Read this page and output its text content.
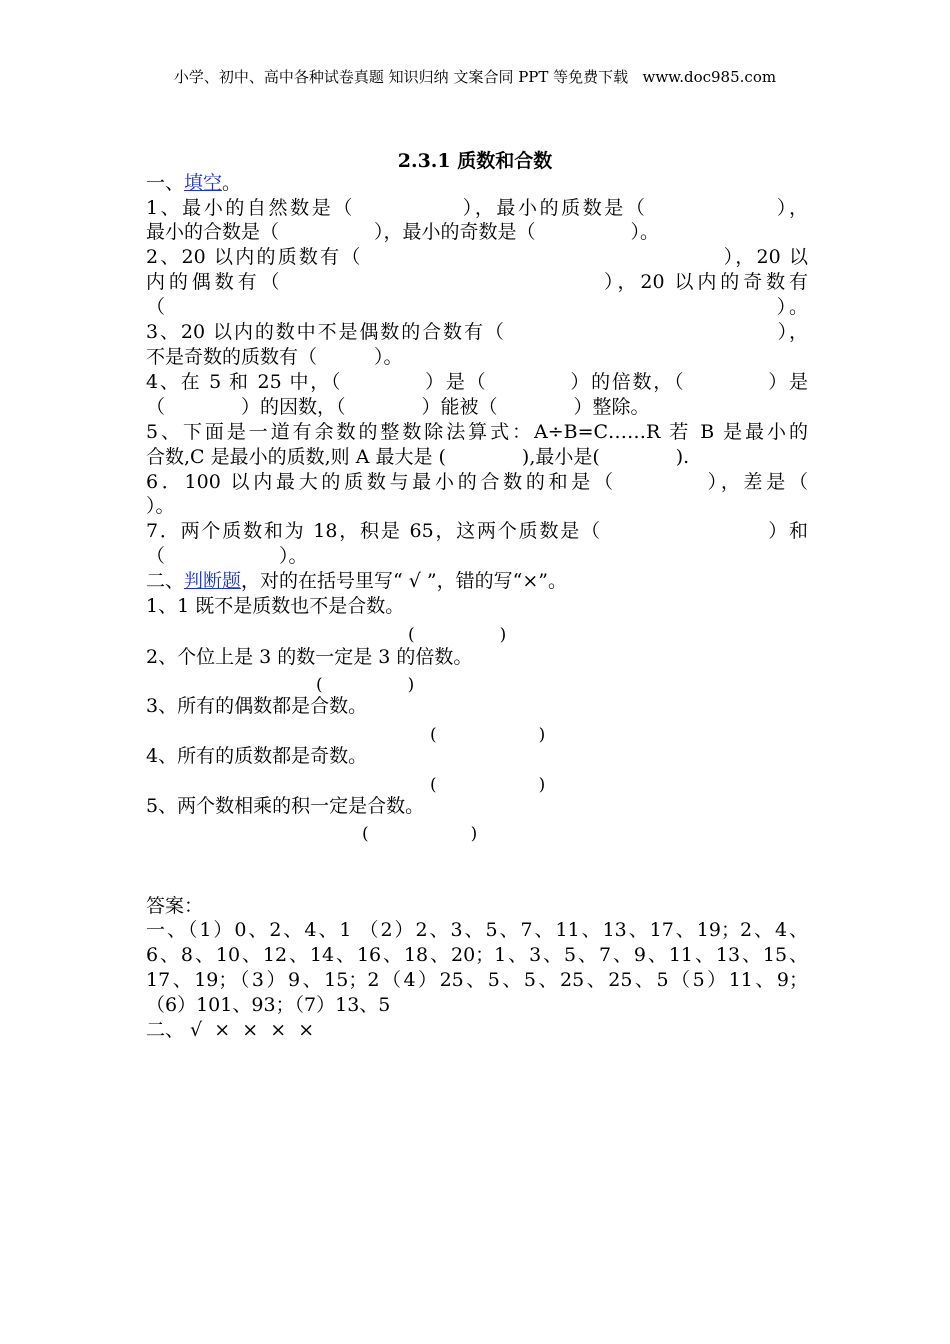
小学、初中、高中各种试卷真题 知识归纳 文案合同 PPT 等免费下载   www.doc985.com
2.3.1 质数和合数
一、填空。
1、最小的自然数是（　　　　　），最小的质数是（　　　　　　），
最小的合数是（　　　　　），最小的奇数是（　　　　　）。
2、20 以内的质数有（　　　　　　　　　　　　　　　　　），20 以
内的偶数有（　　　　　　　　　　　　　　），20 以内的奇数有
（　　　　　　　　　　　　　　　　　　　　　　　　　　　　）。
3、20 以内的数中不是偶数的合数有（　　　　　　　　　　　　　），
不是奇数的质数有（　　　）。
4、在 5 和 25 中，（　　　　）是（　　　　）的倍数，（　　　　）是
（　　　　）的因数，（　　　　）能被（　　　　）整除。
5、下面是一道有余数的整数除法算式：A÷B=C……R 若 B 是最小的
合数,C 是最小的质数,则 A 最大是 (　　　　),最小是(　　　　).
6．100 以内最大的质数与最小的合数的和是（　　　　），差是（
）。
7．两个质数和为 18，积是 65，这两个质数是（　　　　　　　　）和
（　　　　　　）。
二、判断题，对的在括号里写“ √ ”，错的写“×”。
1、1 既不是质数也不是合数。
(　　　　　)
2、个位上是 3 的数一定是 3 的倍数。
(　　　　　)
3、所有的偶数都是合数。
(　　　　　　)
4、所有的质数都是奇数。
(　　　　　　)
5、两个数相乘的积一定是合数。
(　　　　　　)
答案：
一、（1）0、2、4、1 （2）2、3、5、7、11、13、17、19；2、4、
6、8、10、12、14、16、18、20；1、3、5、7、9、11、13、15、
17、19；（3）9、15；2（4）25、5、5、25、25、5（5）11、9；
（6）101、93；（7）13、5
二、 √  ×  ×  ×  ×
